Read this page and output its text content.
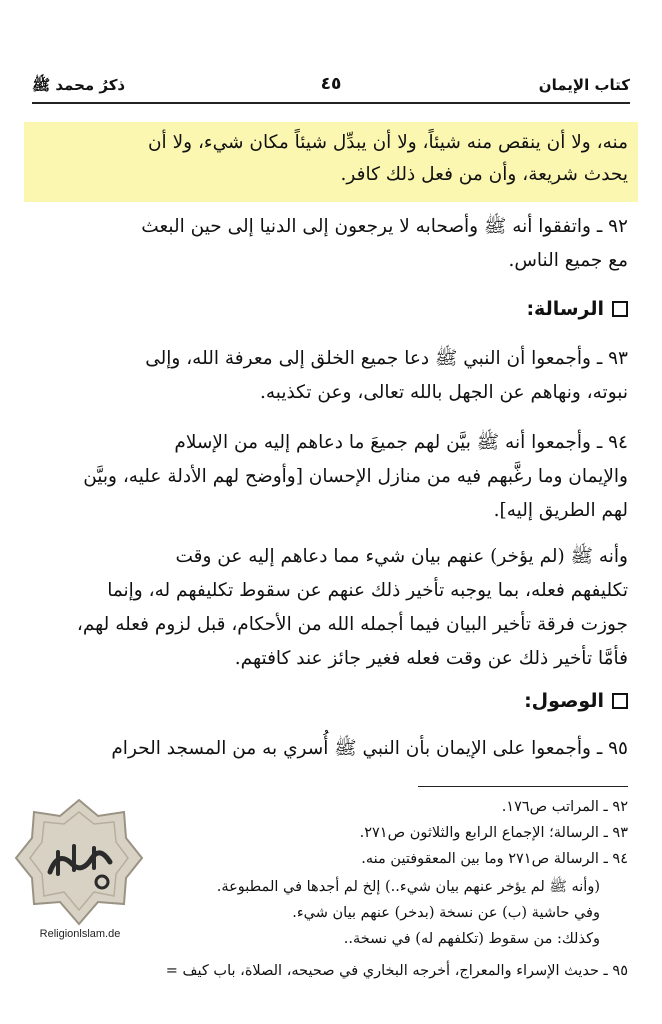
كتاب الإيمان
٤٥
ذكرُ محمد ﷺ
منه، ولا أن ينقص منه شيئاً، ولا أن يبدِّل شيئاً مكان شيء، ولا أن
يحدث شريعة، وأن من فعل ذلك كافر.
٩٢ ـ واتفقوا أنه ﷺ وأصحابه لا يرجعون إلى الدنيا إلى حين البعث
مع جميع الناس.
الرسالة:
٩٣ ـ وأجمعوا أن النبي ﷺ دعا جميع الخلق إلى معرفة الله، وإلى
نبوته، ونهاهم عن الجهل بالله تعالى، وعن تكذيبه.
٩٤ ـ وأجمعوا أنه ﷺ بيَّن لهم جميعَ ما دعاهم إليه من الإسلام
والإيمان وما رغَّبهم فيه من منازل الإحسان [وأوضح لهم الأدلة عليه، وبيَّن
لهم الطريق إليه].
وأنه ﷺ (لم يؤخر) عنهم بيان شيء مما دعاهم إليه عن وقت
تكليفهم فعله، بما يوجبه تأخير ذلك عنهم عن سقوط تكليفهم له، وإنما
جوزت فرقة تأخير البيان فيما أجمله الله من الأحكام، قبل لزوم فعله لهم،
فأمَّا تأخير ذلك عن وقت فعله فغير جائز عند كافتهم.
الوصول:
٩٥ ـ وأجمعوا على الإيمان بأن النبي ﷺ أُسري به من المسجد الحرام
٩٢ ـ المراتب ص١٧٦.
٩٣ ـ الرسالة؛ الإجماع الرابع والثلاثون ص٢٧١.
٩٤ ـ الرسالة ص٢٧١ وما بين المعقوفتين منه.
(وأنه ﷺ لم يؤخر عنهم بيان شيء..) إلخ لم أجدها في المطبوعة.
وفي حاشية (ب) عن نسخة (بدخر) عنهم بيان شيء.
وكذلك: من سقوط (تكلفهم له) في نسخة..
٩٥ ـ حديث الإسراء والمعراج، أخرجه البخاري في صحيحه، الصلاة، باب كيف =
Religionlslam.de
